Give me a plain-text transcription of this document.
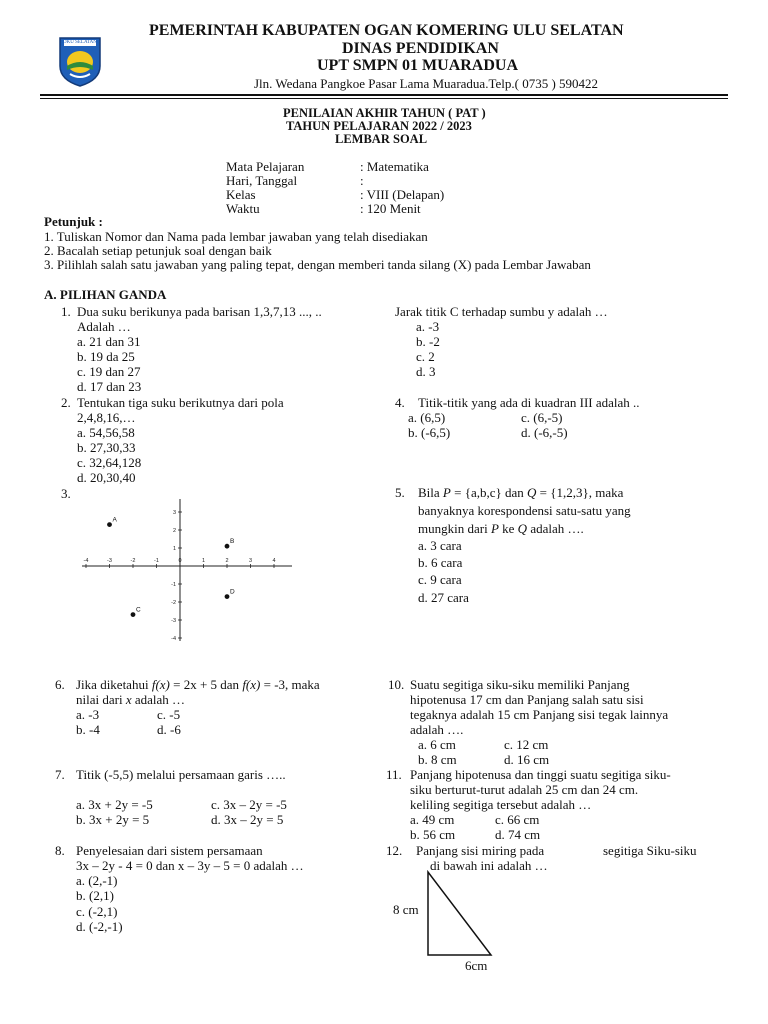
OKU SELATAN
PEMERINTAH KABUPATEN OGAN KOMERING ULU SELATAN
DINAS PENDIDIKAN
UPT SMPN 01 MUARADUA
Jln. Wedana Pangkoe Pasar Lama Muaradua.Telp.( 0735 ) 590422
PENILAIAN AKHIR TAHUN ( PAT )
TAHUN PELAJARAN 2022 / 2023
LEMBAR SOAL
Mata Pelajaran	: Matematika
Hari, Tanggal	:
Kelas	: VIII (Delapan)
Waktu	: 120 Menit
Petunjuk :
1. Tuliskan Nomor dan Nama pada lembar jawaban yang telah disediakan
2. Bacalah setiap petunjuk soal dengan baik
3. Pilihlah salah satu jawaban yang paling tepat, dengan memberi tanda silang (X) pada Lembar Jawaban
A. PILIHAN GANDA
1. Dua suku berikunya pada barisan 1,3,7,13 ..., ..
Adalah …
a. 21 dan 31
b. 19 da 25
c. 19 dan 27
d. 17 dan 23
2. Tentukan tiga suku berikutnya dari pola
2,4,8,16,…
a. 54,56,58
b. 27,30,33
c. 32,64,128
d. 20,30,40
3.
-4	-3	-2	-1	0	1	2	3	4
3
2
1
-1
-2
-3
-4
A
B
C
D
Jarak titik C terhadap sumbu y adalah …
a. -3
b. -2
c. 2
d. 3
4. Titik-titik yang ada di kuadran III adalah ..
a. (6,5)	c. (6,-5)
b. (-6,5)	d. (-6,-5)
5. Bila P = {a,b,c} dan Q = {1,2,3}, maka
banyaknya korespondensi satu-satu yang
mungkin dari P ke Q adalah ….
a. 3 cara
b. 6 cara
c. 9 cara
d. 27 cara
6. Jika diketahui f(x) = 2x + 5 dan f(x) = -3, maka
nilai dari x adalah …
a. -3	c. -5
b. -4	d. -6
7. Titik (-5,5) melalui persamaan garis …..
a. 3x + 2y = -5	c. 3x – 2y = -5
b. 3x + 2y = 5	d. 3x – 2y = 5
8. Penyelesaian dari sistem persamaan
3x – 2y - 4 = 0 dan x – 3y – 5 = 0 adalah …
a. (2,-1)
b. (2,1)
c. (-2,1)
d. (-2,-1)
10. Suatu segitiga siku-siku memiliki Panjang
hipotenusa 17 cm dan Panjang salah satu sisi
tegaknya adalah 15 cm Panjang sisi tegak lainnya
adalah ….
a. 6 cm	c. 12 cm
b. 8 cm	d. 16 cm
11. Panjang hipotenusa dan tinggi suatu segitiga siku-
siku berturut-turut adalah 25 cm dan 24 cm.
keliling segitiga tersebut adalah …
a. 49 cm	c. 66 cm
b. 56 cm	d. 74 cm
12. Panjang sisi miring pada	segitiga Siku-siku
di bawah ini adalah …
8 cm
6cm
